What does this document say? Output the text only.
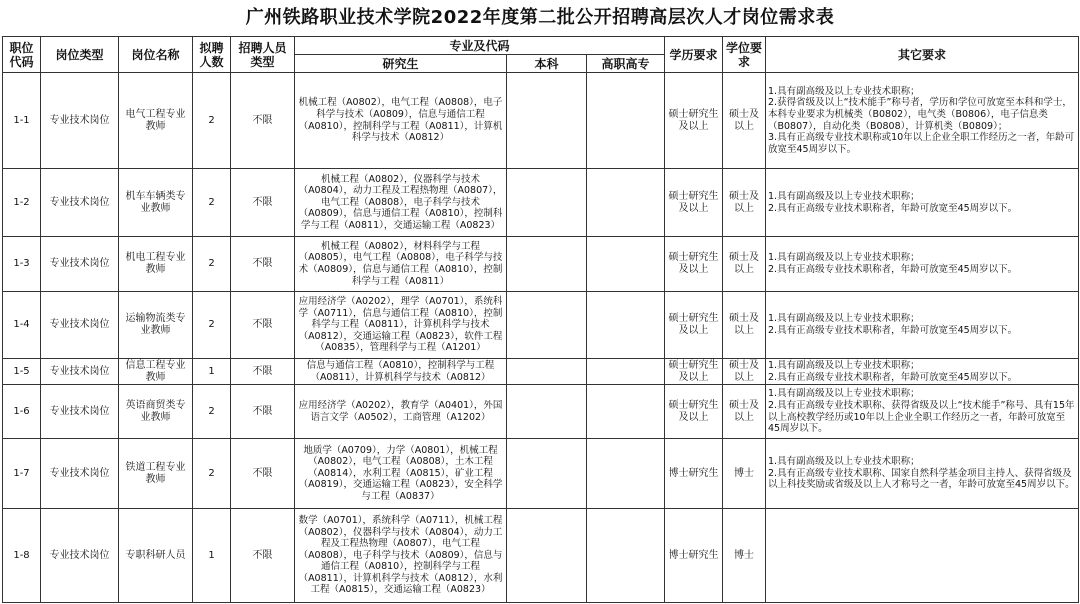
广州铁路职业技术学院2022年度第二批公开招聘高层次人才岗位需求表
职位代码	岗位类型	岗位名称	拟聘人数	招聘人员类型	专业及代码			学历要求	学位要求	其它要求
					研究生	本科	高职高专			
1-1	专业技术岗位	电气工程专业教师	2	不限	机械工程（A0802），电气工程（A0808），电子科学与技术（A0809），信息与通信工程（A0810），控制科学与工程（A0811），计算机科学与技术（A0812）			硕士研究生及以上	硕士及以上	1.具有副高级及以上专业技术职称；
2.获得省级及以上“技术能手”称号者，学历和学位可放宽至本科和学士，本科专业要求为机械类（B0802），电气类（B0806），电子信息类（B0807），自动化类（B0808），计算机类（B0809）；
3.具有正高级专业技术职称或10年以上企业全职工作经历之一者，年龄可放宽至45周岁以下。
1-2	专业技术岗位	机车车辆类专业教师	2	不限	机械工程（A0802），仪器科学与技术（A0804），动力工程及工程热物理（A0807），电气工程（A0808），电子科学与技术（A0809），信息与通信工程（A0810），控制科学与工程（A0811），交通运输工程（A0823）			硕士研究生及以上	硕士及以上	1.具有副高级及以上专业技术职称；
2.具有正高级专业技术职称者，年龄可放宽至45周岁以下。
1-3	专业技术岗位	机电工程专业教师	2	不限	机械工程（A0802），材料科学与工程（A0805），电气工程（A0808），电子科学与技术（A0809），信息与通信工程（A0810），控制科学与工程（A0811）			硕士研究生及以上	硕士及以上	1.具有副高级及以上专业技术职称；
2.具有正高级专业技术职称者，年龄可放宽至45周岁以下。
1-4	专业技术岗位	运输物流类专业教师	2	不限	应用经济学（A0202），理学（A0701），系统科学（A0711），信息与通信工程（A0810），控制科学与工程（A0811），计算机科学与技术（A0812），交通运输工程（A0823），软件工程（A0835），管理科学与工程（A1201）			硕士研究生及以上	硕士及以上	1.具有副高级及以上专业技术职称；
2.具有正高级专业技术职称者，年龄可放宽至45周岁以下。
1-5	专业技术岗位	信息工程专业教师	1	不限	信息与通信工程（A0810），控制科学与工程（A0811），计算机科学与技术（A0812）			硕士研究生及以上	硕士及以上	1.具有副高级及以上专业技术职称；
2.具有正高级专业技术职称者，年龄可放宽至45周岁以下。
1-6	专业技术岗位	英语商贸类专业教师	2	不限	应用经济学（A0202），教育学（A0401），外国语言文学（A0502），工商管理（A1202）			硕士研究生及以上	硕士及以上	1.具有副高级及以上专业技术职称；
2.具有正高级专业技术职称、获得省级及以上“技术能手”称号、具有15年以上高校教学经历或10年以上企业全职工作经历之一者，年龄可放宽至45周岁以下。
1-7	专业技术岗位	铁道工程专业教师	2	不限	地质学（A0709），力学（A0801），机械工程（A0802），电气工程（A0808），土木工程（A0814），水利工程（A0815），矿业工程（A0819），交通运输工程（A0823），安全科学与工程（A0837）			博士研究生	博士	1.具有副高级及以上专业技术职称；
2.具有正高级专业技术职称、国家自然科学基金项目主持人、获得省级及以上科技奖励或省级及以上人才称号之一者，年龄可放宽至45周岁以下。
1-8	专业技术岗位	专职科研人员	1	不限	数学（A0701），系统科学（A0711），机械工程（A0802），仪器科学与技术（A0804），动力工程及工程热物理（A0807），电气工程（A0808），电子科学与技术（A0809），信息与通信工程（A0810），控制科学与工程（A0811），计算机科学与技术（A0812），水利工程（A0815），交通运输工程（A0823）			博士研究生	博士	
